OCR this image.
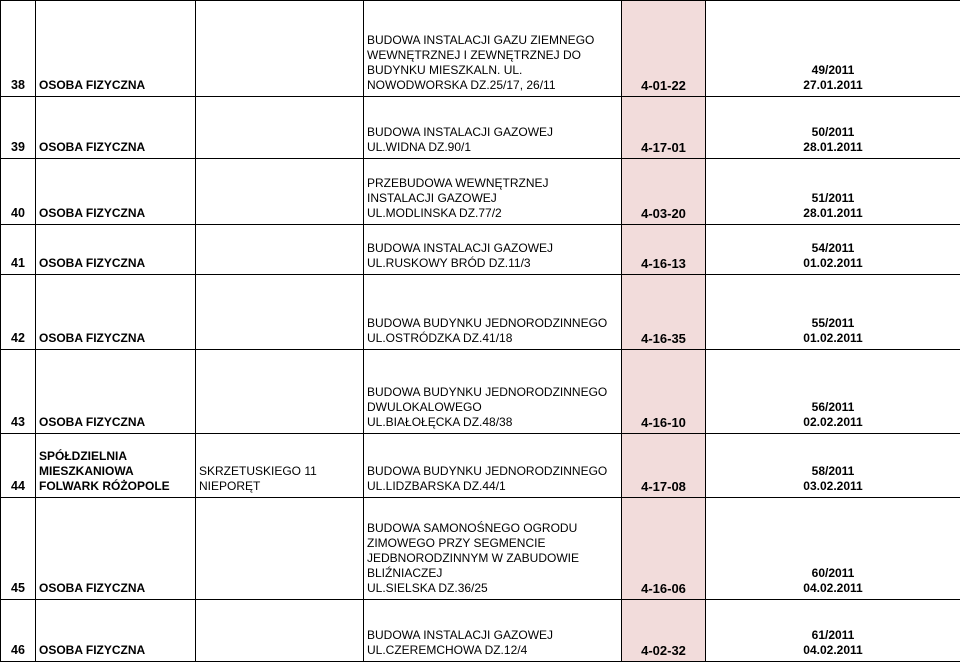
38	OSOBA FIZYCZNA		BUDOWA INSTALACJI GAZU ZIEMNEGO
WEWNĘTRZNEJ I ZEWNĘTRZNEJ DO
BUDYNKU MIESZKALN. UL.
NOWODWORSKA DZ.25/17, 26/11	4-01-22	49/2011
27.01.2011

39	OSOBA FIZYCZNA		BUDOWA INSTALACJI GAZOWEJ
UL.WIDNA DZ.90/1	4-17-01	50/2011
28.01.2011

40	OSOBA FIZYCZNA		PRZEBUDOWA WEWNĘTRZNEJ
INSTALACJI GAZOWEJ
UL.MODLINSKA DZ.77/2	4-03-20	51/2011
28.01.2011

41	OSOBA FIZYCZNA		BUDOWA INSTALACJI GAZOWEJ
UL.RUSKOWY BRÓD DZ.11/3	4-16-13	54/2011
01.02.2011

42	OSOBA FIZYCZNA		BUDOWA BUDYNKU JEDNORODZINNEGO
UL.OSTRÓDZKA DZ.41/18	4-16-35	55/2011
01.02.2011

43	OSOBA FIZYCZNA		BUDOWA BUDYNKU JEDNORODZINNEGO
DWULOKALOWEGO
UL.BIAŁOŁĘCKA DZ.48/38	4-16-10	56/2011
02.02.2011

44	SPÓŁDZIELNIA
MIESZKANIOWA
FOLWARK RÓŻOPOLE	SKRZETUSKIEGO 11
NIEPORĘT	BUDOWA BUDYNKU JEDNORODZINNEGO
UL.LIDZBARSKA DZ.44/1	4-17-08	58/2011
03.02.2011

45	OSOBA FIZYCZNA		BUDOWA SAMONOŚNEGO OGRODU
ZIMOWEGO PRZY SEGMENCIE
JEDBNORODZINNYM W ZABUDOWIE
BLIŹNIACZEJ
UL.SIELSKA DZ.36/25	4-16-06	60/2011
04.02.2011

46	OSOBA FIZYCZNA		BUDOWA INSTALACJI GAZOWEJ
UL.CZEREMCHOWA DZ.12/4	4-02-32	61/2011
04.02.2011
